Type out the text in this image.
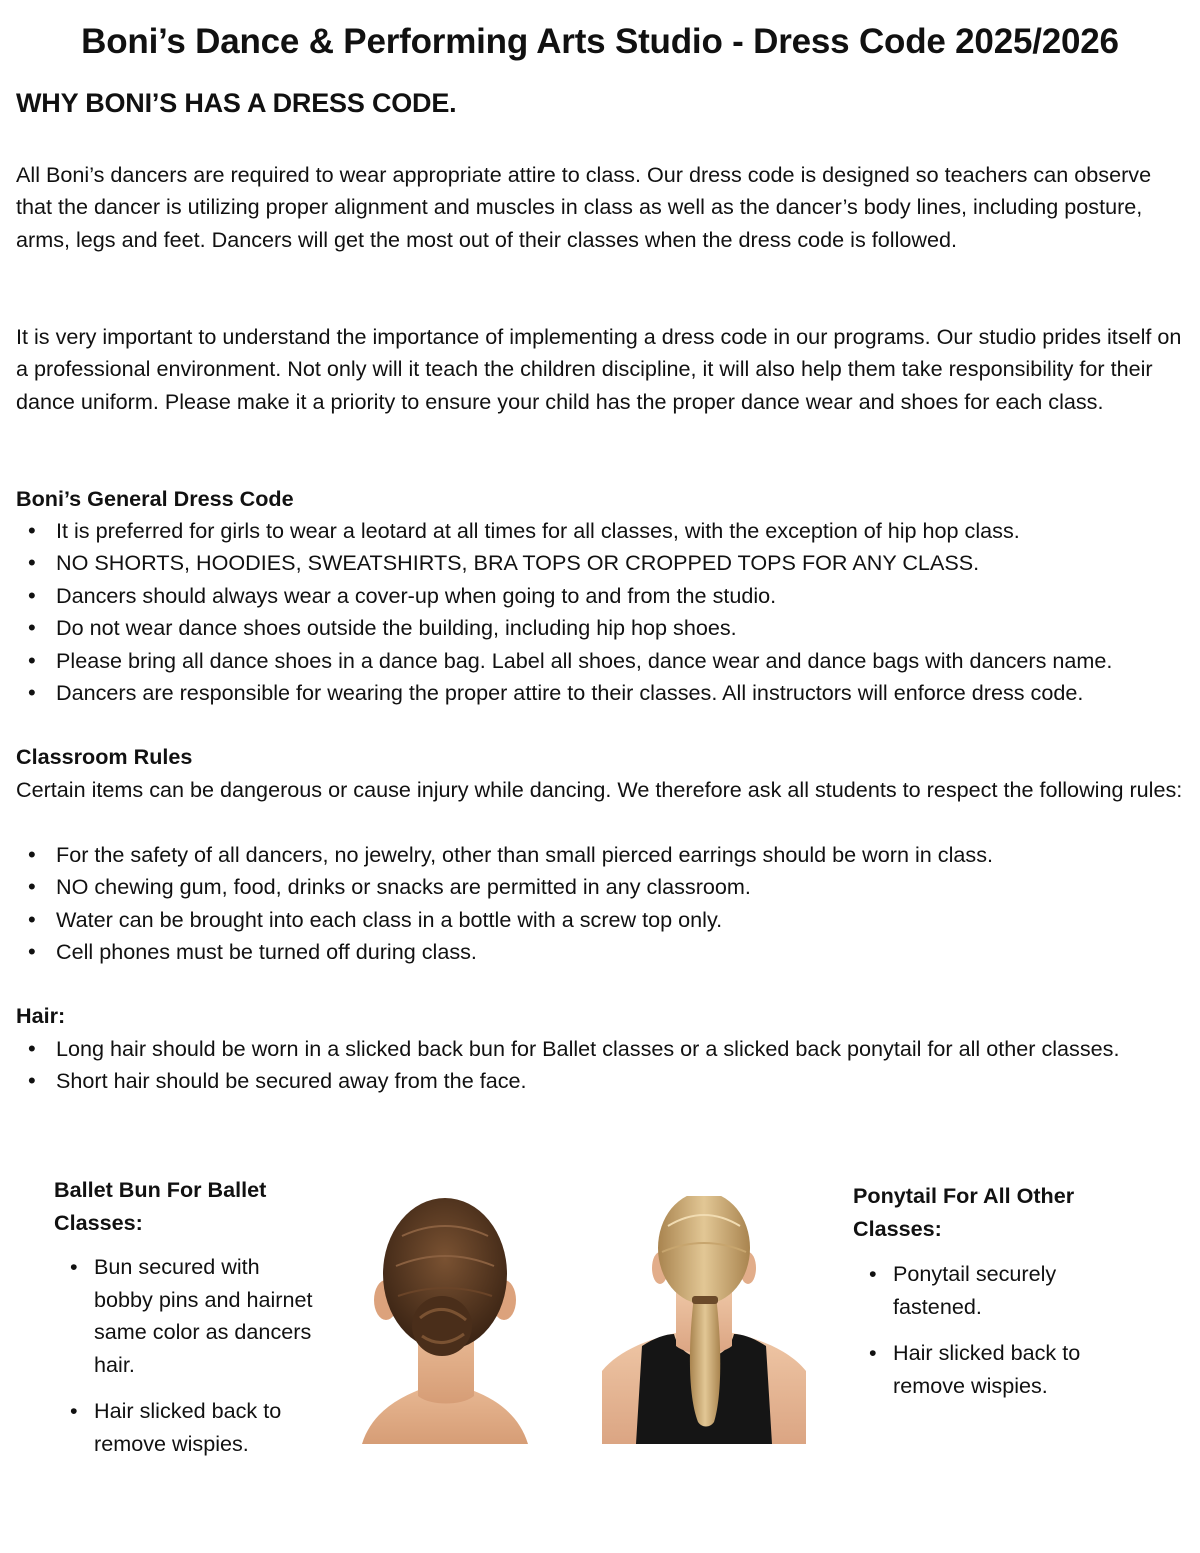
Boni’s Dance & Performing Arts Studio - Dress Code 2025/2026
WHY BONI’S HAS A DRESS CODE.

All Boni’s dancers are required to wear appropriate attire to class. Our dress code is designed so teachers can observe that the dancer is utilizing proper alignment and muscles in class as well as the dancer’s body lines, including posture, arms, legs and feet. Dancers will get the most out of their classes when the dress code is followed.

It is very important to understand the importance of implementing a dress code in our programs. Our studio prides itself on a professional environment. Not only will it teach the children discipline, it will also help them take responsibility for their dance uniform. Please make it a priority to ensure your child has the proper dance wear and shoes for each class.

Boni’s General Dress Code
• It is preferred for girls to wear a leotard at all times for all classes, with the exception of hip hop class.
• NO SHORTS, HOODIES, SWEATSHIRTS, BRA TOPS OR CROPPED TOPS FOR ANY CLASS.
• Dancers should always wear a cover-up when going to and from the studio.
• Do not wear dance shoes outside the building, including hip hop shoes.
• Please bring all dance shoes in a dance bag. Label all shoes, dance wear and dance bags with dancers name.
• Dancers are responsible for wearing the proper attire to their classes. All instructors will enforce dress code.
Classroom Rules

Certain items can be dangerous or cause injury while dancing. We therefore ask all students to respect the following rules:

• For the safety of all dancers, no jewelry, other than small pierced earrings should be worn in class.
• NO chewing gum, food, drinks or snacks are permitted in any classroom.
• Water can be brought into each class in a bottle with a screw top only.
• Cell phones must be turned off during class.
Hair:
• Long hair should be worn in a slicked back bun for Ballet classes or a slicked back ponytail for all other classes.
• Short hair should be secured away from the face.
Ballet Bun For Ballet Classes:
• Bun secured with bobby pins and hairnet same color as dancers hair.
• Hair slicked back to remove wispies.
Ponytail For All Other Classes:
• Ponytail securely fastened.
• Hair slicked back to remove wispies.
